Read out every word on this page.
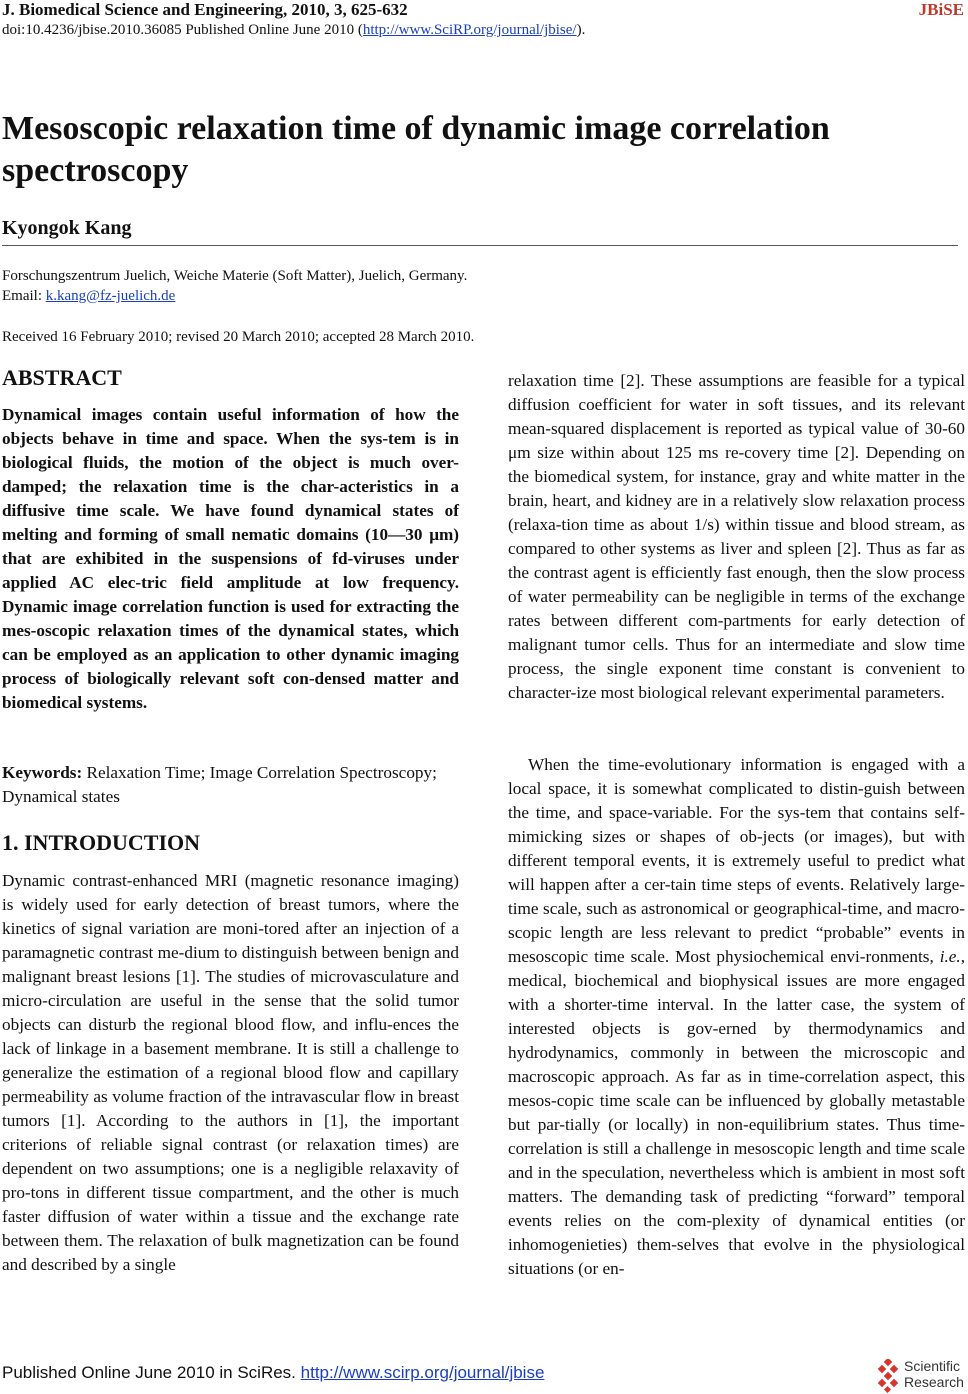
J. Biomedical Science and Engineering, 2010, 3, 625-632	JBiSE
doi:10.4236/jbise.2010.36085 Published Online June 2010 (http://www.SciRP.org/journal/jbise/).
Mesoscopic relaxation time of dynamic image correlation spectroscopy
Kyongok Kang
Forschungszentrum Juelich, Weiche Materie (Soft Matter), Juelich, Germany.
Email: k.kang@fz-juelich.de
Received 16 February 2010; revised 20 March 2010; accepted 28 March 2010.
ABSTRACT

Dynamical images contain useful information of how the objects behave in time and space. When the sys-tem is in biological fluids, the motion of the object is much over-damped; the relaxation time is the char-acteristics in a diffusive time scale. We have found dynamical states of melting and forming of small nematic domains (10—30 μm) that are exhibited in the suspensions of fd-viruses under applied AC elec-tric field amplitude at low frequency. Dynamic image correlation function is used for extracting the mes-oscopic relaxation times of the dynamical states, which can be employed as an application to other dynamic imaging process of biologically relevant soft con-densed matter and biomedical systems.

Keywords: Relaxation Time; Image Correlation Spectroscopy; Dynamical states

1. INTRODUCTION

Dynamic contrast-enhanced MRI (magnetic resonance imaging) is widely used for early detection of breast tumors, where the kinetics of signal variation are moni-tored after an injection of a paramagnetic contrast me-dium to distinguish between benign and malignant breast lesions [1]. The studies of microvasculature and micro-circulation are useful in the sense that the solid tumor objects can disturb the regional blood flow, and influ-ences the lack of linkage in a basement membrane. It is still a challenge to generalize the estimation of a regional blood flow and capillary permeability as volume fraction of the intravascular flow in breast tumors [1]. According to the authors in [1], the important criterions of reliable signal contrast (or relaxation times) are dependent on two assumptions; one is a negligible relaxavity of pro-tons in different tissue compartment, and the other is much faster diffusion of water within a tissue and the exchange rate between them. The relaxation of bulk magnetization can be found and described by a single

relaxation time [2]. These assumptions are feasible for a typical diffusion coefficient for water in soft tissues, and its relevant mean-squared displacement is reported as typical value of 30-60 μm size within about 125 ms re-covery time [2]. Depending on the biomedical system, for instance, gray and white matter in the brain, heart, and kidney are in a relatively slow relaxation process (relaxa-tion time as about 1/s) within tissue and blood stream, as compared to other systems as liver and spleen [2]. Thus as far as the contrast agent is efficiently fast enough, then the slow process of water permeability can be negligible in terms of the exchange rates between different com-partments for early detection of malignant tumor cells. Thus for an intermediate and slow time process, the single exponent time constant is convenient to character-ize most biological relevant experimental parameters.

When the time-evolutionary information is engaged with a local space, it is somewhat complicated to distin-guish between the time, and space-variable. For the sys-tem that contains self-mimicking sizes or shapes of ob-jects (or images), but with different temporal events, it is extremely useful to predict what will happen after a cer-tain time steps of events. Relatively large-time scale, such as astronomical or geographical-time, and macro-scopic length are less relevant to predict “probable” events in mesoscopic time scale. Most physiochemical envi-ronments, i.e., medical, biochemical and biophysical issues are more engaged with a shorter-time interval. In the latter case, the system of interested objects is gov-erned by thermodynamics and hydrodynamics, commonly in between the microscopic and macroscopic approach. As far as in time-correlation aspect, this mesos-copic time scale can be influenced by globally metastable but par-tially (or locally) in non-equilibrium states. Thus time-correlation is still a challenge in mesoscopic length and time scale and in the speculation, nevertheless which is ambient in most soft matters. The demanding task of predicting “forward” temporal events relies on the com-plexity of dynamical entities (or inhomogenieties) them-selves that evolve in the physiological situations (or en-

Published Online June 2010 in SciRes. http://www.scirp.org/journal/jbise	Scientific
Research
